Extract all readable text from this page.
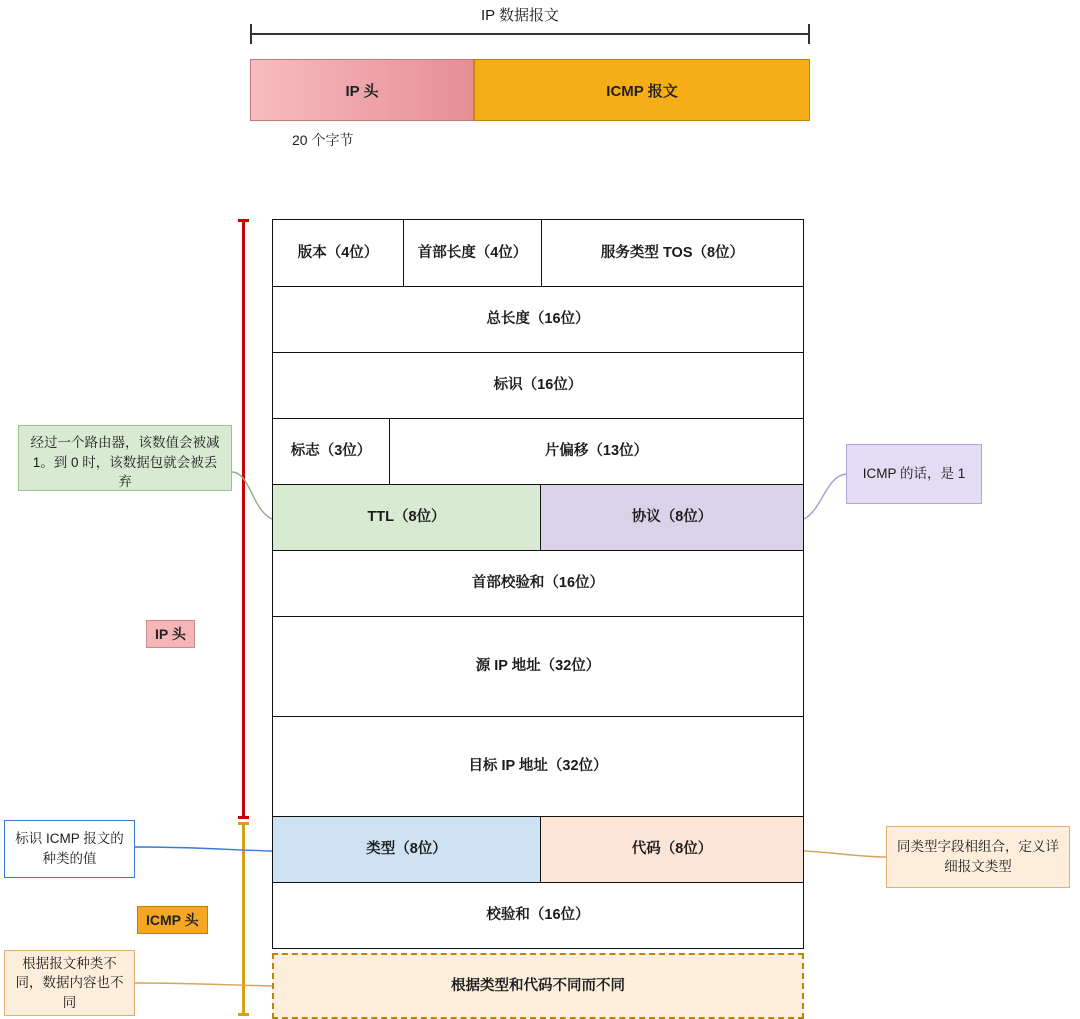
IP 数据报文
IP 头	ICMP 报文
20 个字节
版本（4位）	首部长度（4位）	服务类型 TOS（8位）
总长度（16位）
标识（16位）
标志（3位）	片偏移（13位）
TTL（8位）	协议（8位）
首部校验和（16位）
源 IP 地址（32位）
目标 IP 地址（32位）
类型（8位）	代码（8位）
校验和（16位）
根据类型和代码不同而不同
IP 头
ICMP 头
经过一个路由器，该数值会被减 1。到 0 时，该数据包就会被丢弃
ICMP 的话，是 1
标识 ICMP 报文的种类的值
同类型字段相组合，定义详细报文类型
根据报文种类不同，数据内容也不同
